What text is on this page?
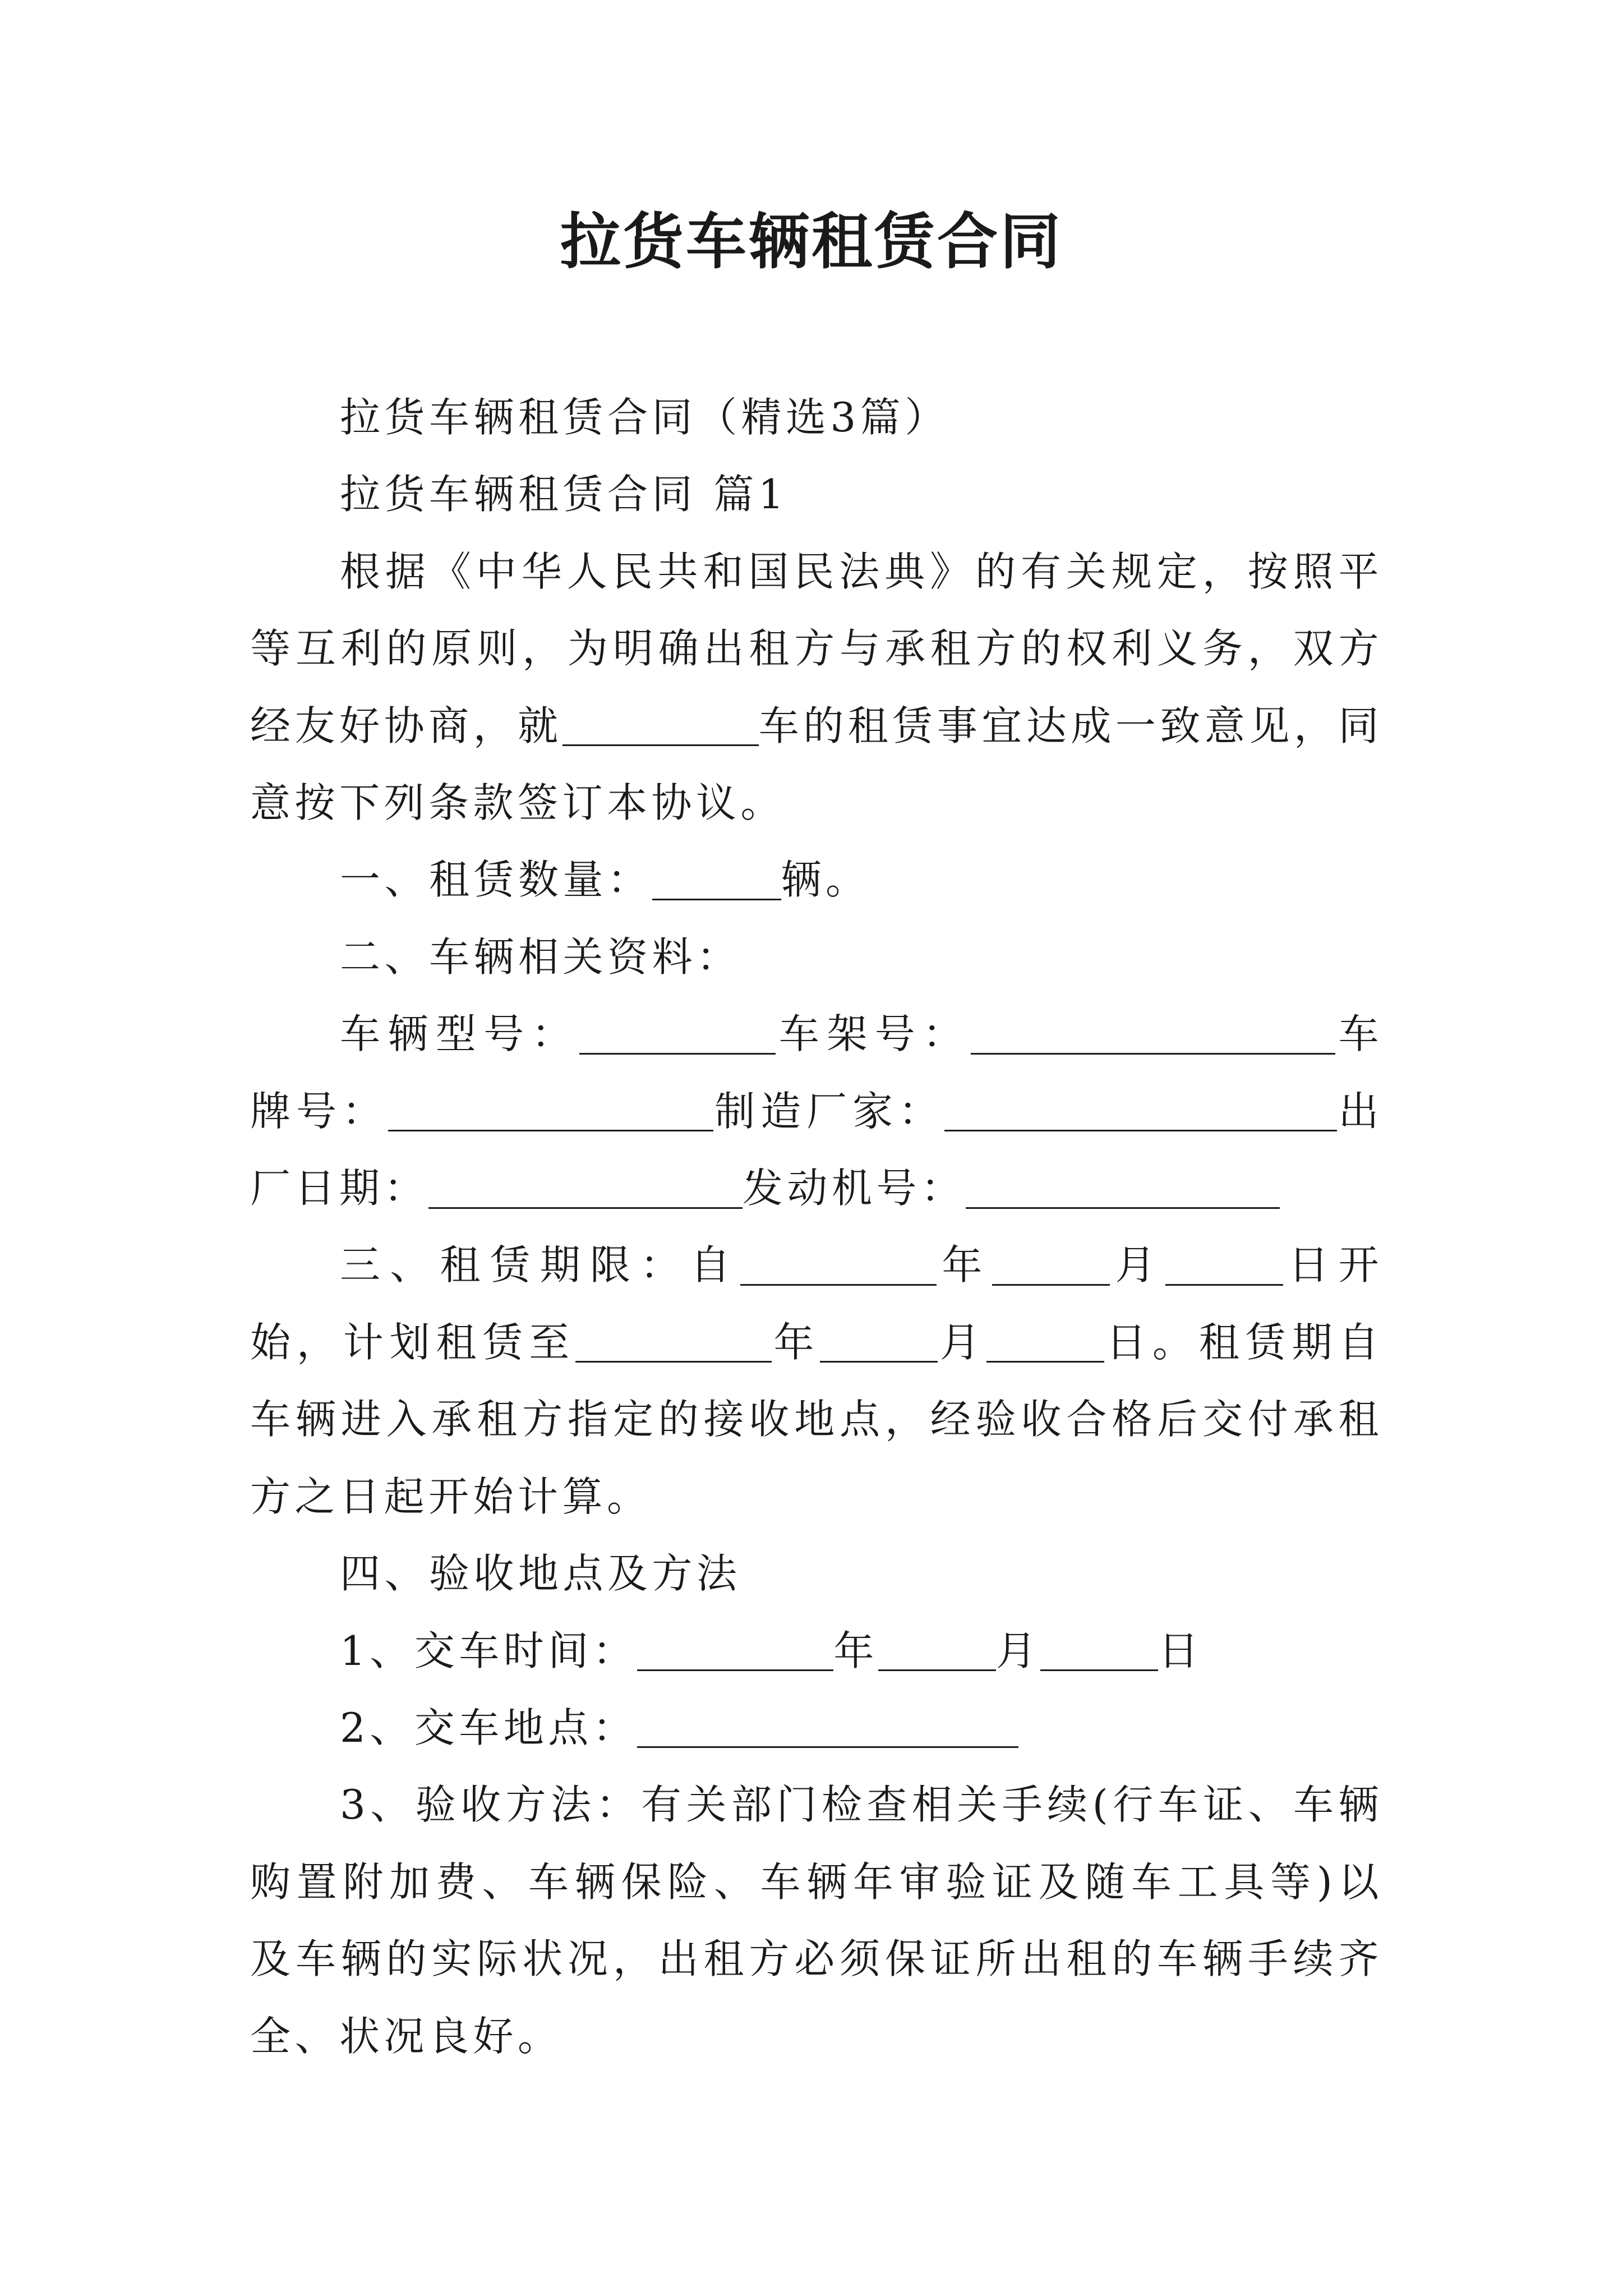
拉货车辆租赁合同

拉货车辆租赁合同（精选3篇）

拉货车辆租赁合同 篇1

根据《中华人民共和国民法典》的有关规定，按照平等互利的原则，为明确出租方与承租方的权利义务，双方经友好协商，就	车的租赁事宜达成一致意见，同意按下列条款签订本协议。

一、租赁数量：	辆。

二、车辆相关资料：

车辆型号：	车架号：	车牌号：	制造厂家：	出厂日期：	发动机号：

三、租赁期限：自	年	月	日开始，计划租赁至	年	月	日。租赁期自车辆进入承租方指定的接收地点，经验收合格后交付承租方之日起开始计算。

四、验收地点及方法

1、交车时间：	年	月	日

2、交车地点：

3、验收方法：有关部门检查相关手续(行车证、车辆购置附加费、车辆保险、车辆年审验证及随车工具等)以及车辆的实际状况，出租方必须保证所出租的车辆手续齐全、状况良好。
